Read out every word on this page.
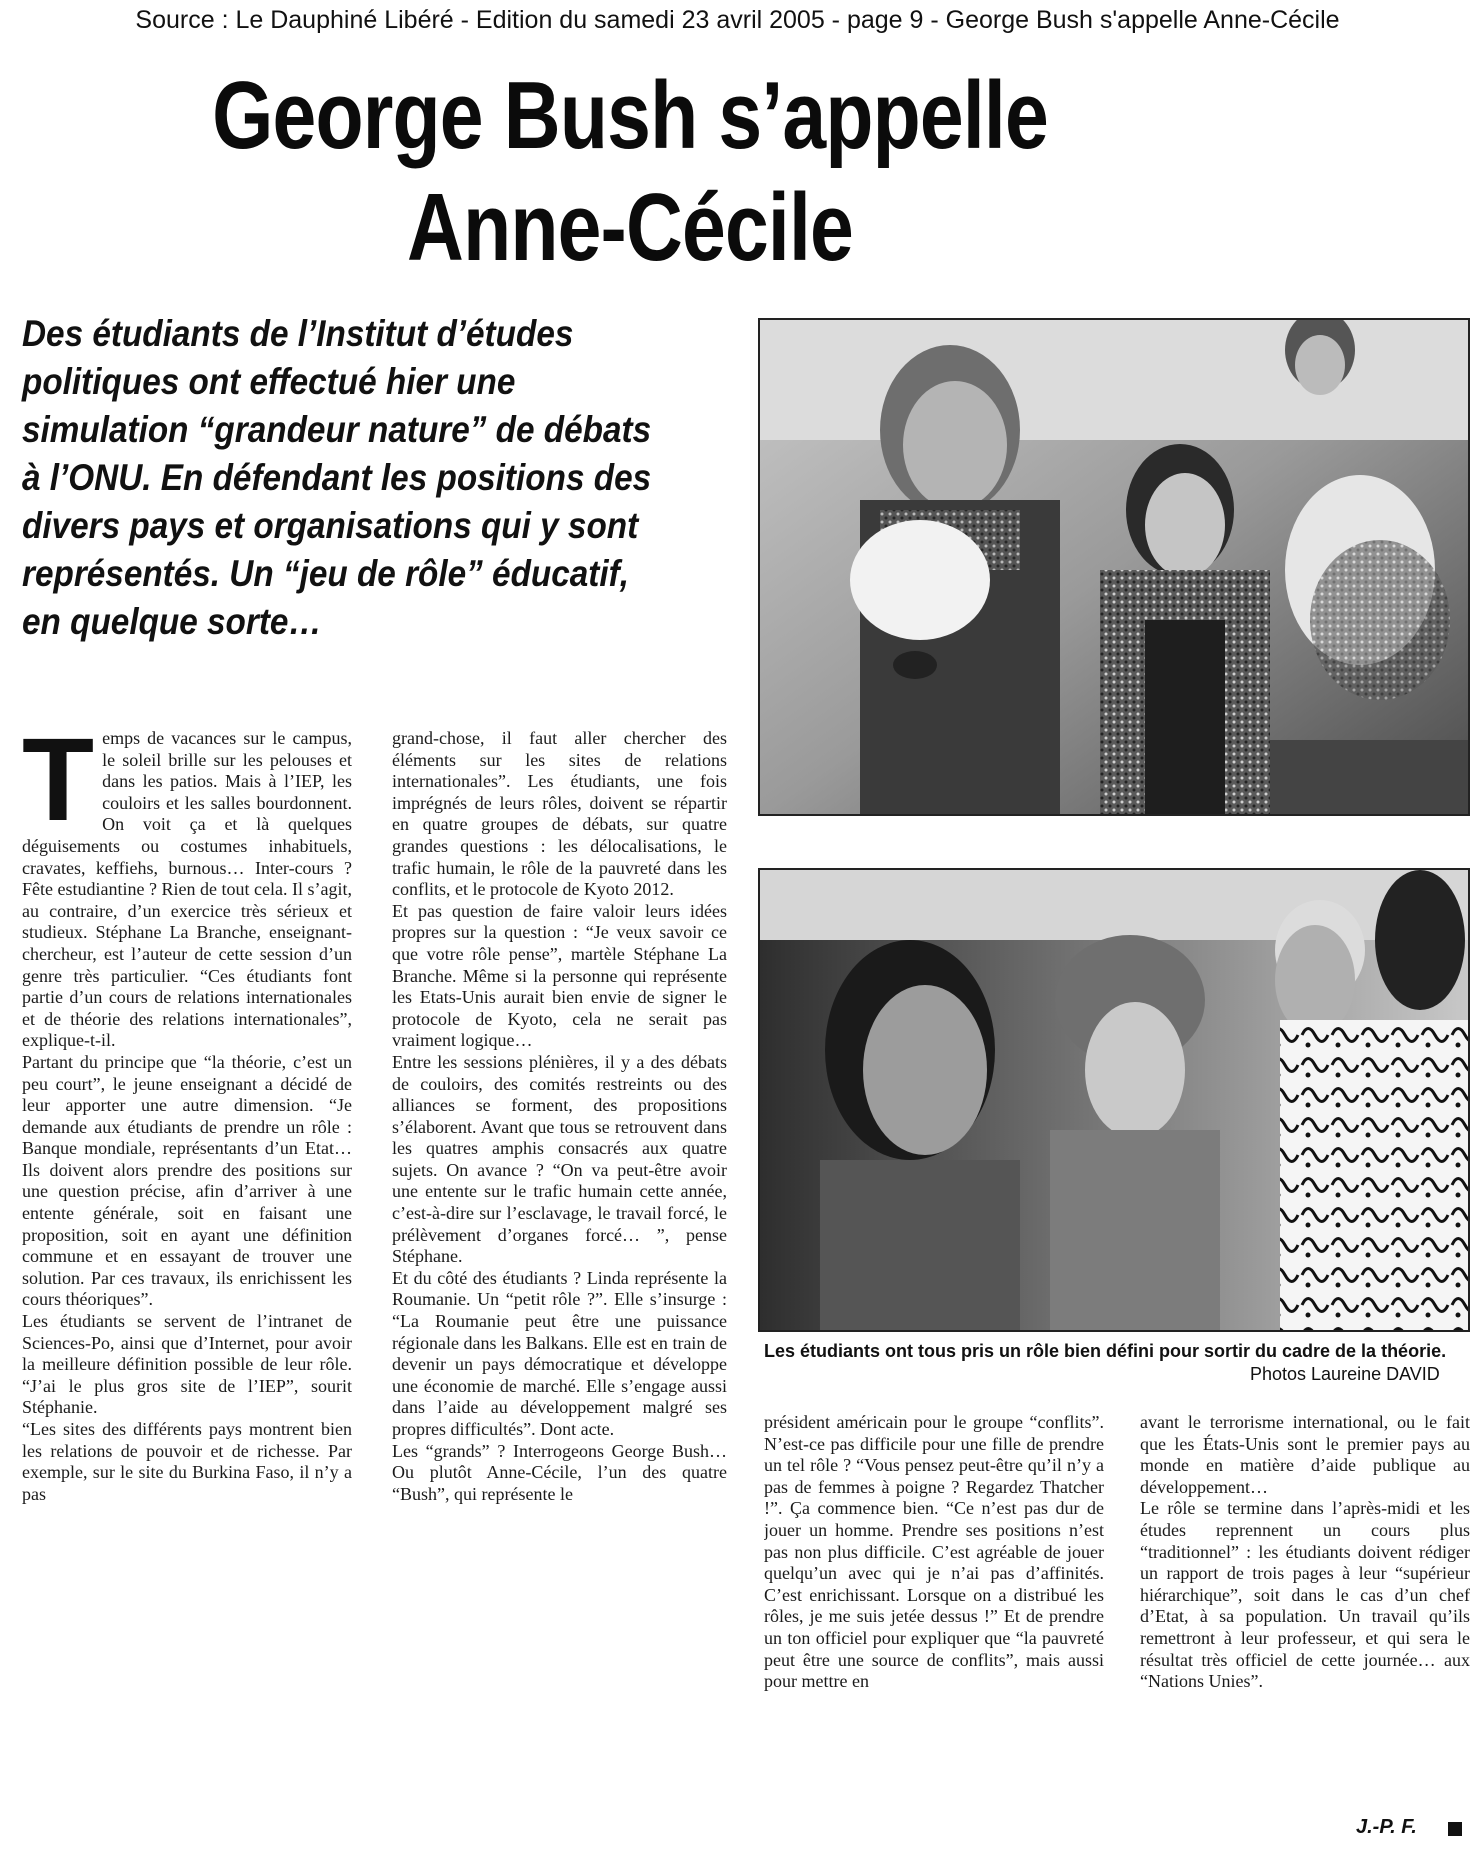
Source : Le Dauphiné Libéré - Edition du samedi 23 avril 2005 - page 9 - George Bush s'appelle Anne-Cécile
George Bush s’appelle
Anne-Cécile
Des étudiants de l’Institut d’études politiques ont effectué hier une simulation “grandeur nature” de débats à l’ONU. En défendant les positions des divers pays et organisations qui y sont représentés. Un “jeu de rôle” éducatif, en quelque sorte…
T emps de vacances sur le campus, le soleil brille sur les pelouses et dans les patios. Mais à l’IEP, les couloirs et les salles bourdonnent. On voit ça et là quelques déguisements ou costumes inhabituels, cravates, keffiehs, burnous… Inter-cours ? Fête estudiantine ? Rien de tout cela. Il s’agit, au contraire, d’un exercice très sérieux et studieux. Stéphane La Branche, enseignant-chercheur, est l’auteur de cette session d’un genre très particulier. “Ces étudiants font partie d’un cours de relations internationales et de théorie des relations internationales”, explique-t-il.

Partant du principe que “la théorie, c’est un peu court”, le jeune enseignant a décidé de leur apporter une autre dimension. “Je demande aux étudiants de prendre un rôle : Banque mondiale, représentants d’un Etat… Ils doivent alors prendre des positions sur une question précise, afin d’arriver à une entente générale, soit en faisant une proposition, soit en ayant une définition commune et en essayant de trouver une solution. Par ces travaux, ils enrichissent les cours théoriques”.

Les étudiants se servent de l’intranet de Sciences-Po, ainsi que d’Internet, pour avoir la meilleure définition possible de leur rôle. “J’ai le plus gros site de l’IEP”, sourit Stéphanie.

“Les sites des différents pays montrent bien les relations de pouvoir et de richesse. Par exemple, sur le site du Burkina Faso, il n’y a pas

grand-chose, il faut aller chercher des éléments sur les sites de relations internationales”. Les étudiants, une fois imprégnés de leurs rôles, doivent se répartir en quatre groupes de débats, sur quatre grandes questions : les délocalisations, le trafic humain, le rôle de la pauvreté dans les conflits, et le protocole de Kyoto 2012.

Et pas question de faire valoir leurs idées propres sur la question : “Je veux savoir ce que votre rôle pense”, martèle Stéphane La Branche. Même si la personne qui représente les Etats-Unis aurait bien envie de signer le protocole de Kyoto, cela ne serait pas vraiment logique…

Entre les sessions plénières, il y a des débats de couloirs, des comités restreints ou des alliances se forment, des propositions s’élaborent. Avant que tous se retrouvent dans les quatres amphis consacrés aux quatre sujets. On avance ? “On va peut-être avoir une entente sur le trafic humain cette année, c’est-à-dire sur l’esclavage, le travail forcé, le prélèvement d’organes forcé… ”, pense Stéphane.

Et du côté des étudiants ? Linda représente la Roumanie. Un “petit rôle ?”. Elle s’insurge : “La Roumanie peut être une puissance régionale dans les Balkans. Elle est en train de devenir un pays démocratique et développe une économie de marché. Elle s’engage aussi dans l’aide au développement malgré ses propres difficultés”. Dont acte.

Les “grands” ? Interrogeons George Bush… Ou plutôt Anne-Cécile, l’un des quatre “Bush”, qui représente le

Les étudiants ont tous pris un rôle bien défini pour sortir du cadre de la théorie.
Photos Laureine DAVID

président américain pour le groupe “conflits”. N’est-ce pas difficile pour une fille de prendre un tel rôle ? “Vous pensez peut-être qu’il n’y a pas de femmes à poigne ? Regardez Thatcher !”. Ça commence bien. “Ce n’est pas dur de jouer un homme. Prendre ses positions n’est pas non plus difficile. C’est agréable de jouer quelqu’un avec qui je n’ai pas d’affinités. C’est enrichissant. Lorsque on a distribué les rôles, je me suis jetée dessus !” Et de prendre un ton officiel pour expliquer que “la pauvreté peut être une source de conflits”, mais aussi pour mettre en

avant le terrorisme international, ou le fait que les États-Unis sont le premier pays au monde en matière d’aide publique au développement…

Le rôle se termine dans l’après-midi et les études reprennent un cours plus “traditionnel” : les étudiants doivent rédiger un rapport de trois pages à leur “supérieur hiérarchique”, soit dans le cas d’un chef d’Etat, à sa population. Un travail qu’ils remettront à leur professeur, et qui sera le résultat très officiel de cette journée… aux “Nations Unies”.

J.-P. F.
